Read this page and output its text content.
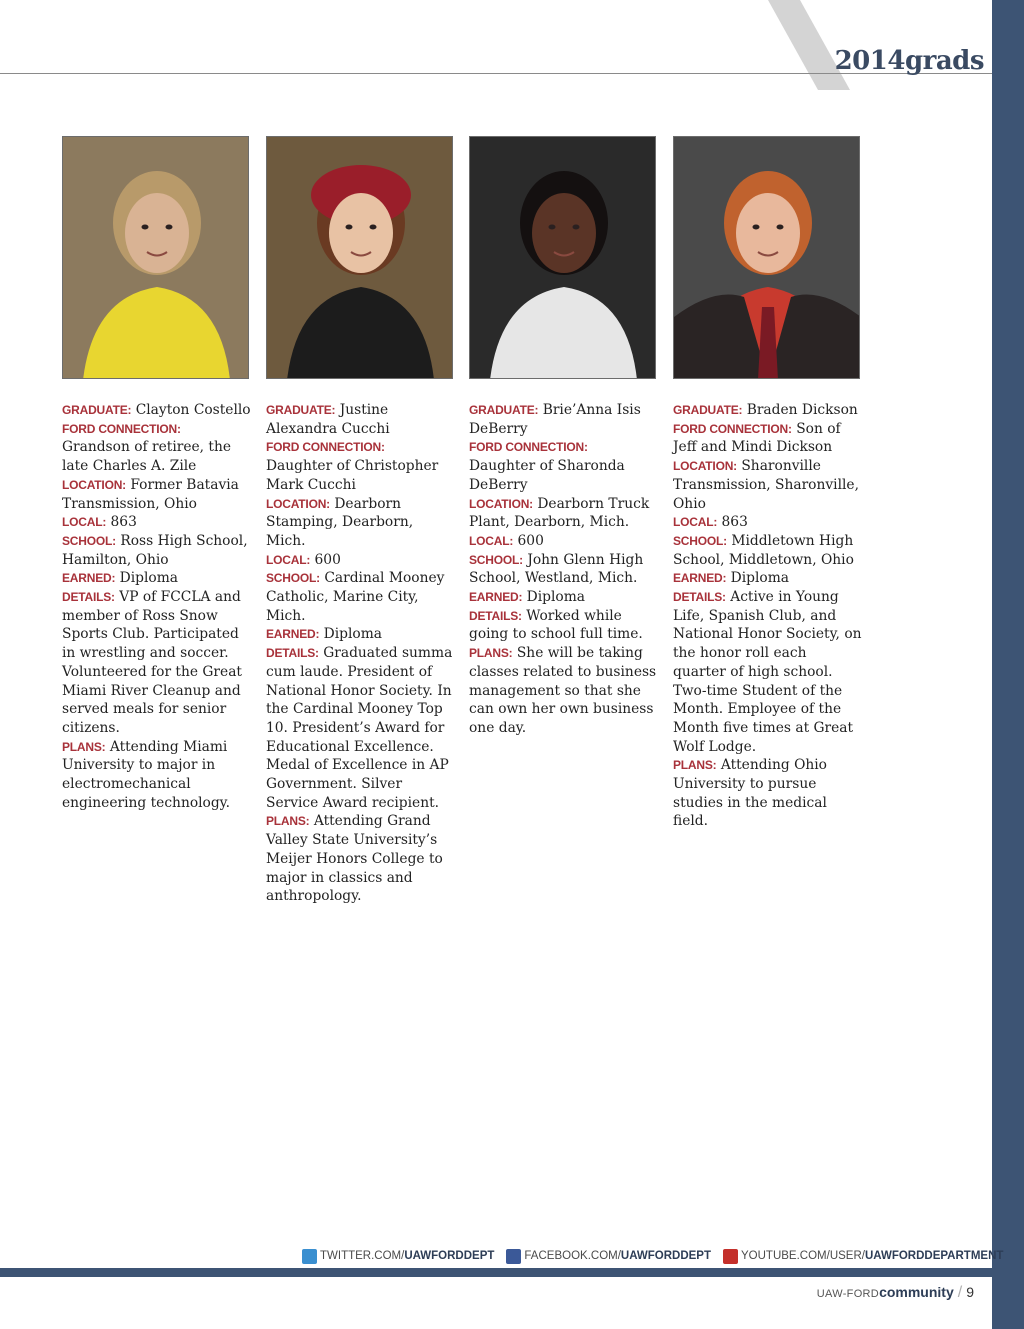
2014grads

GRADUATE: Clayton Costello

FORD CONNECTION:
Grandson of retiree, the late Charles A. Zile

LOCATION: Former Batavia Transmission, Ohio

LOCAL: 863

SCHOOL: Ross High School, Hamilton, Ohio

EARNED: Diploma

DETAILS: VP of FCCLA and member of Ross Snow Sports Club. Participated in wrestling and soccer. Volunteered for the Great Miami River Cleanup and served meals for senior citizens.

PLANS: Attending Miami University to major in electromechanical engineering technology.

GRADUATE: Justine Alexandra Cucchi

FORD CONNECTION:
Daughter of Christopher Mark Cucchi

LOCATION: Dearborn Stamping, Dearborn, Mich.

LOCAL: 600

SCHOOL: Cardinal Mooney Catholic, Marine City, Mich.

EARNED: Diploma

DETAILS: Graduated summa cum laude. President of National Honor Society. In the Cardinal Mooney Top 10. President’s Award for Educational Excellence. Medal of Excellence in AP Government. Silver Service Award recipient.

PLANS: Attending Grand Valley State University’s Meijer Honors College to major in classics and anthropology.

GRADUATE: Brie’Anna Isis DeBerry

FORD CONNECTION:
Daughter of Sharonda DeBerry

LOCATION: Dearborn Truck Plant, Dearborn, Mich.

LOCAL: 600

SCHOOL: John Glenn High School, Westland, Mich.

EARNED: Diploma

DETAILS: Worked while going to school full time.

PLANS: She will be taking classes related to business management so that she can own her own business one day.

GRADUATE: Braden Dickson

FORD CONNECTION: Son of Jeff and Mindi Dickson

LOCATION: Sharonville Transmission, Sharonville, Ohio

LOCAL: 863

SCHOOL: Middletown High School, Middletown, Ohio

EARNED: Diploma

DETAILS: Active in Young Life, Spanish Club, and National Honor Society, on the honor roll each quarter of high school. Two-time Student of the Month. Employee of the Month five times at Great Wolf Lodge.

PLANS: Attending Ohio University to pursue studies in the medical field.

TWITTER.COM/ UAWFORDDEPT	FACEBOOK.COM/ UAWFORDDEPT	YOUTUBE.COM/USER/ UAWFORDDEPARTMENT
UAW-FORDcommunity / 9
